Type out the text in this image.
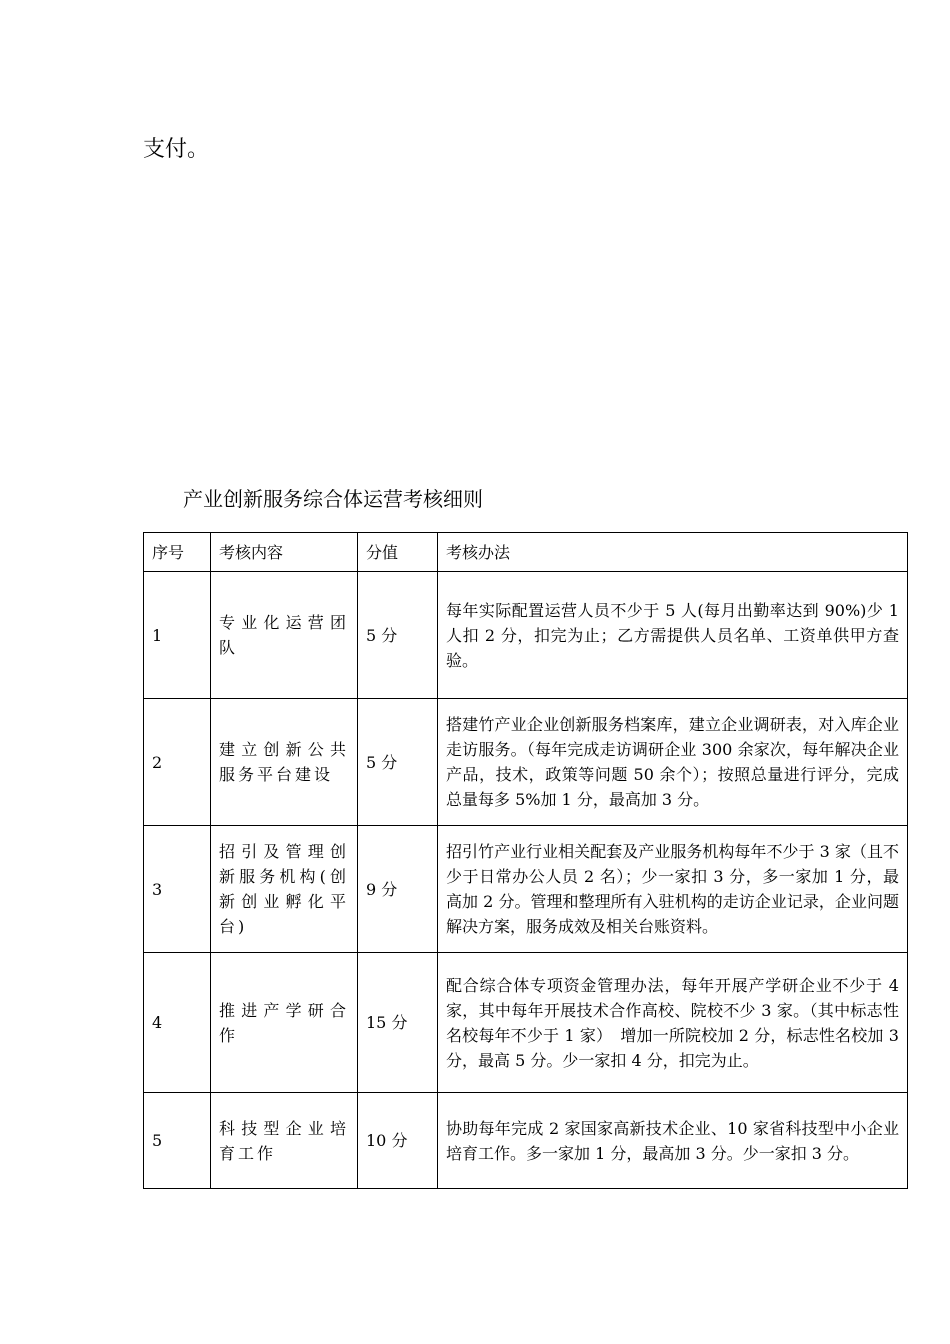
支付。

产业创新服务综合体运营考核细则
序号	考核内容	分值	考核办法
1	专业化运营团队	5 分	每年实际配置运营人员不少于 5 人(每月出勤率达到 90%)少 1 人扣 2 分，扣完为止；乙方需提供人员名单、工资单供甲方查验。
2	建立创新公共服务平台建设	5 分	搭建竹产业企业创新服务档案库，建立企业调研表，对入库企业走访服务。（每年完成走访调研企业 300 余家次，每年解决企业产品，技术，政策等问题 50 余个）；按照总量进行评分，完成总量每多 5%加 1 分，最高加 3 分。
3	招引及管理创新服务机构(创新创业孵化平台)	9 分	招引竹产业行业相关配套及产业服务机构每年不少于 3 家（且不少于日常办公人员 2 名）；少一家扣 3 分，多一家加 1 分，最高加 2 分。管理和整理所有入驻机构的走访企业记录，企业问题解决方案，服务成效及相关台账资料。
4	推进产学研合作	15 分	配合综合体专项资金管理办法，每年开展产学研企业不少于 4 家，其中每年开展技术合作高校、院校不少 3 家。（其中标志性名校每年不少于 1 家）　增加一所院校加 2 分，标志性名校加 3 分，最高 5 分。少一家扣 4 分，扣完为止。
5	科技型企业培育工作	10 分	协助每年完成 2 家国家高新技术企业、10 家省科技型中小企业培育工作。多一家加 1 分，最高加 3 分。少一家扣 3 分。
